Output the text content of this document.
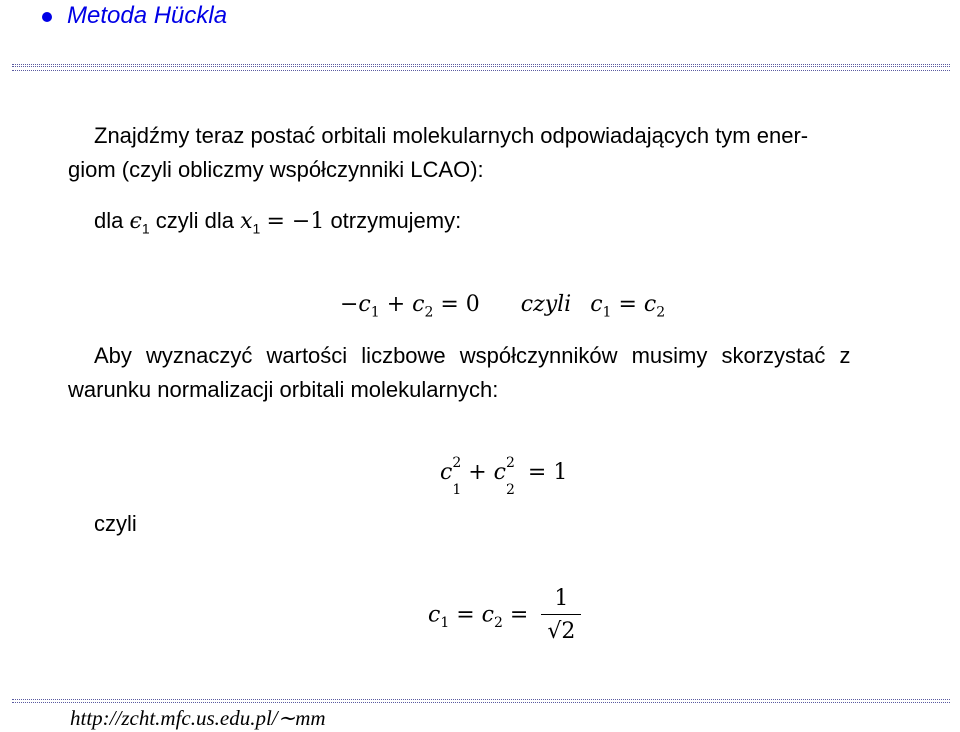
Metoda Hückla
Znajdźmy teraz postać orbitali molekularnych odpowiadających tym ener-
giom (czyli obliczmy współczynniki LCAO):
dla $\epsilon_1$ czyli dla $x_1 = -1$ otrzymujemy:
$-c_1 + c_2 = 0$ czyli $c_1 = c_2$
Aby wyznaczyć wartości liczbowe współczynników musimy skorzystać z
warunku normalizacji orbitali molekularnych:
c 2
$_1$ + c 2
$_2$ = 1
czyli
$c_1 = c_2 = \frac{1}{√2}$
http://zcht.mfc.us.edu.pl/∼mm
